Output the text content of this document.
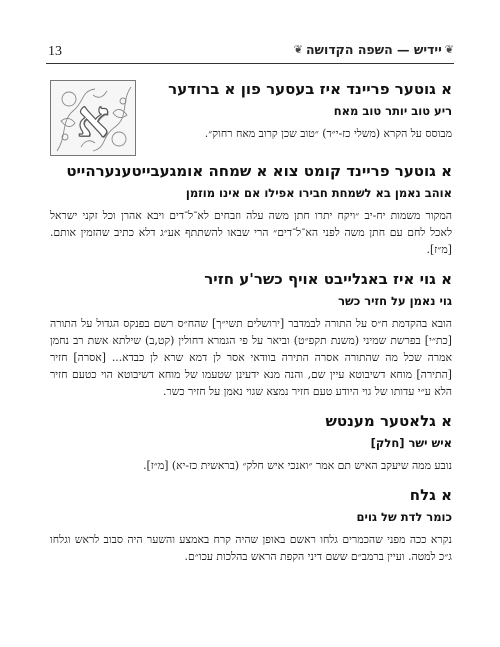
13	❦
יידיש — השפה הקדושה
❦
א	א גוטער פריינד איז בעסער פון א ברודער
ריע טוב יותר טוב מאח

מבוסס על הקרא (משלי כז-י״ד) ״טוב שכן קרוב מאח רחוק״.

א גוטער פריינד קומט צוא א שמחה אומגעבייטענערהייט
אוהב נאמן בא לשמחת חבירו אפילו אם אינו מוזמן

המקור משמות יח-יב ״ויקח יתרו חתן משה עלה וזבחים לא־ל־דים ויבא אהרן וכל זקני ישראל לאכל לחם עם חתן משה לפני הא־ל־דים״ הרי שבאו להשתתף אע״ג דלא כתיב שהזמין אותם. [מ״ז].

א גוי איז באגלייבט אויף כשר'ע חזיר
גוי נאמן על חזיר כשר

הובא בהקדמת ח״ס על התורה לבמדבר [ירושלים תשי״ך] שהח״ס רשם בפנקס הגדול על התורה [כת״י] בפרשת שמיני (משנת תקפ״ט) וביאר על פי הגמרא דחולין (קט,ב) שילתא אשת רב נחמן אמרה שכל מה שהתורה אסרה התירה בוודאי אסר לן דמא שרא לן כבדא... [אסרה] חזיר [התירה] מוחא דשיבוטא עיין שם, והנה מנא ידעינן שטעמו של מוחא דשיבוטא הוי כטעם חזיר הלא ע״י עדותו של גוי היודע טעם חזיר נמצא שגוי נאמן על חזיר כשר.

א גלאטער מענטש
איש ישר [חלק]

נובע ממה שיעקב האיש תם אמר ״ואנכי איש חלק״ (בראשית כז-יא) [מ״ז].

א גלח
כומר לדת של גוים

נקרא ככה מפני שהכמרים גלחו ראשם באופן שהיה קרח באמצע והשער היה סבוב לראש וגלחו ג״כ למטה. ועיין ברמב״ם ששם דיני הקפת הראש בהלכות עכו״ם.
